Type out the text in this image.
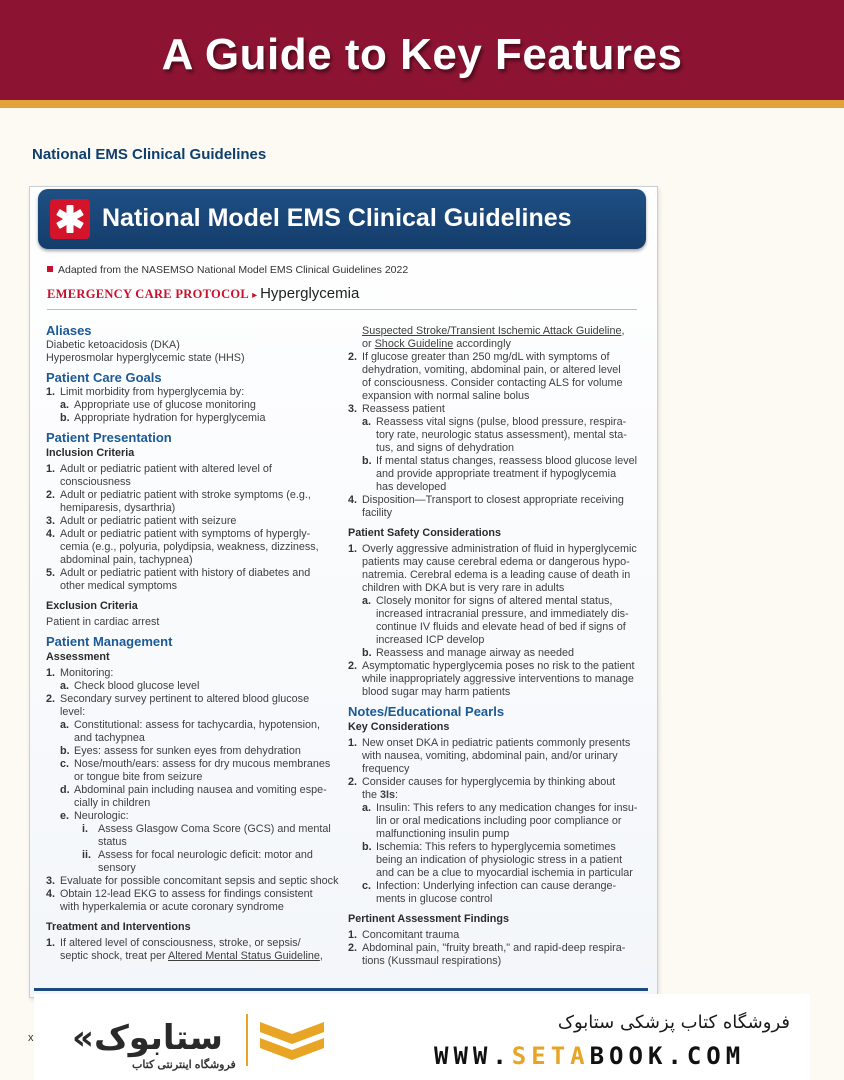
A Guide to Key Features
National EMS Clinical Guidelines
National Model EMS Clinical Guidelines
Adapted from the NASEMSO National Model EMS Clinical Guidelines 2022
EMERGENCY CARE PROTOCOL ▸ Hyperglycemia
Aliases
Diabetic ketoacidosis (DKA)
Hyperosmolar hyperglycemic state (HHS)
Patient Care Goals
1. Limit morbidity from hyperglycemia by:
a. Appropriate use of glucose monitoring
b. Appropriate hydration for hyperglycemia
Patient Presentation
Inclusion Criteria
1. Adult or pediatric patient with altered level of consciousness
2. Adult or pediatric patient with stroke symptoms (e.g.,
hemiparesis, dysarthria)
3. Adult or pediatric patient with seizure
4. Adult or pediatric patient with symptoms of hypergly-
cemia (e.g., polyuria, polydipsia, weakness, dizziness,
abdominal pain, tachypnea)
5. Adult or pediatric patient with history of diabetes and
other medical symptoms
Exclusion Criteria
Patient in cardiac arrest
Patient Management
Assessment
1. Monitoring:
a. Check blood glucose level
2. Secondary survey pertinent to altered blood glucose
level:
a. Constitutional: assess for tachycardia, hypotension,
and tachypnea
b. Eyes: assess for sunken eyes from dehydration
c. Nose/mouth/ears: assess for dry mucous membranes
or tongue bite from seizure
d. Abdominal pain including nausea and vomiting espe-
cially in children
e. Neurologic:
i. Assess Glasgow Coma Score (GCS) and mental
status
ii. Assess for focal neurologic deficit: motor and
sensory
3. Evaluate for possible concomitant sepsis and septic shock
4. Obtain 12-lead EKG to assess for findings consistent
with hyperkalemia or acute coronary syndrome
Treatment and Interventions
1. If altered level of consciousness, stroke, or sepsis/
septic shock, treat per Altered Mental Status Guideline,
Suspected Stroke/Transient Ischemic Attack Guideline,
or Shock Guideline accordingly
2. If glucose greater than 250 mg/dL with symptoms of
dehydration, vomiting, abdominal pain, or altered level
of consciousness. Consider contacting ALS for volume
expansion with normal saline bolus
3. Reassess patient
a. Reassess vital signs (pulse, blood pressure, respira-
tory rate, neurologic status assessment), mental sta-
tus, and signs of dehydration
b. If mental status changes, reassess blood glucose level
and provide appropriate treatment if hypoglycemia
has developed
4. Disposition—Transport to closest appropriate receiving
facility
Patient Safety Considerations
1. Overly aggressive administration of fluid in hyperglycemic
patients may cause cerebral edema or dangerous hypo-
natremia. Cerebral edema is a leading cause of death in
children with DKA but is very rare in adults
a. Closely monitor for signs of altered mental status,
increased intracranial pressure, and immediately dis-
continue IV fluids and elevate head of bed if signs of
increased ICP develop
b. Reassess and manage airway as needed
2. Asymptomatic hyperglycemia poses no risk to the patient
while inappropriately aggressive interventions to manage
blood sugar may harm patients
Notes/Educational Pearls
Key Considerations
1. New onset DKA in pediatric patients commonly presents
with nausea, vomiting, abdominal pain, and/or urinary
frequency
2. Consider causes for hyperglycemia by thinking about
the 3Is:
a. Insulin: This refers to any medication changes for insu-
lin or oral medications including poor compliance or
malfunctioning insulin pump
b. Ischemia: This refers to hyperglycemia sometimes
being an indication of physiologic stress in a patient
and can be a clue to myocardial ischemia in particular
c. Infection: Underlying infection can cause derange-
ments in glucose control
Pertinent Assessment Findings
1. Concomitant trauma
2. Abdominal pain, "fruity breath," and rapid-deep respira-
tions (Kussmaul respirations)
x «ستابوک
فروشگاه اینترنتی کتاب
فروشگاه کتاب پزشکی ستابوک
WWW.SETABOOK.COM
